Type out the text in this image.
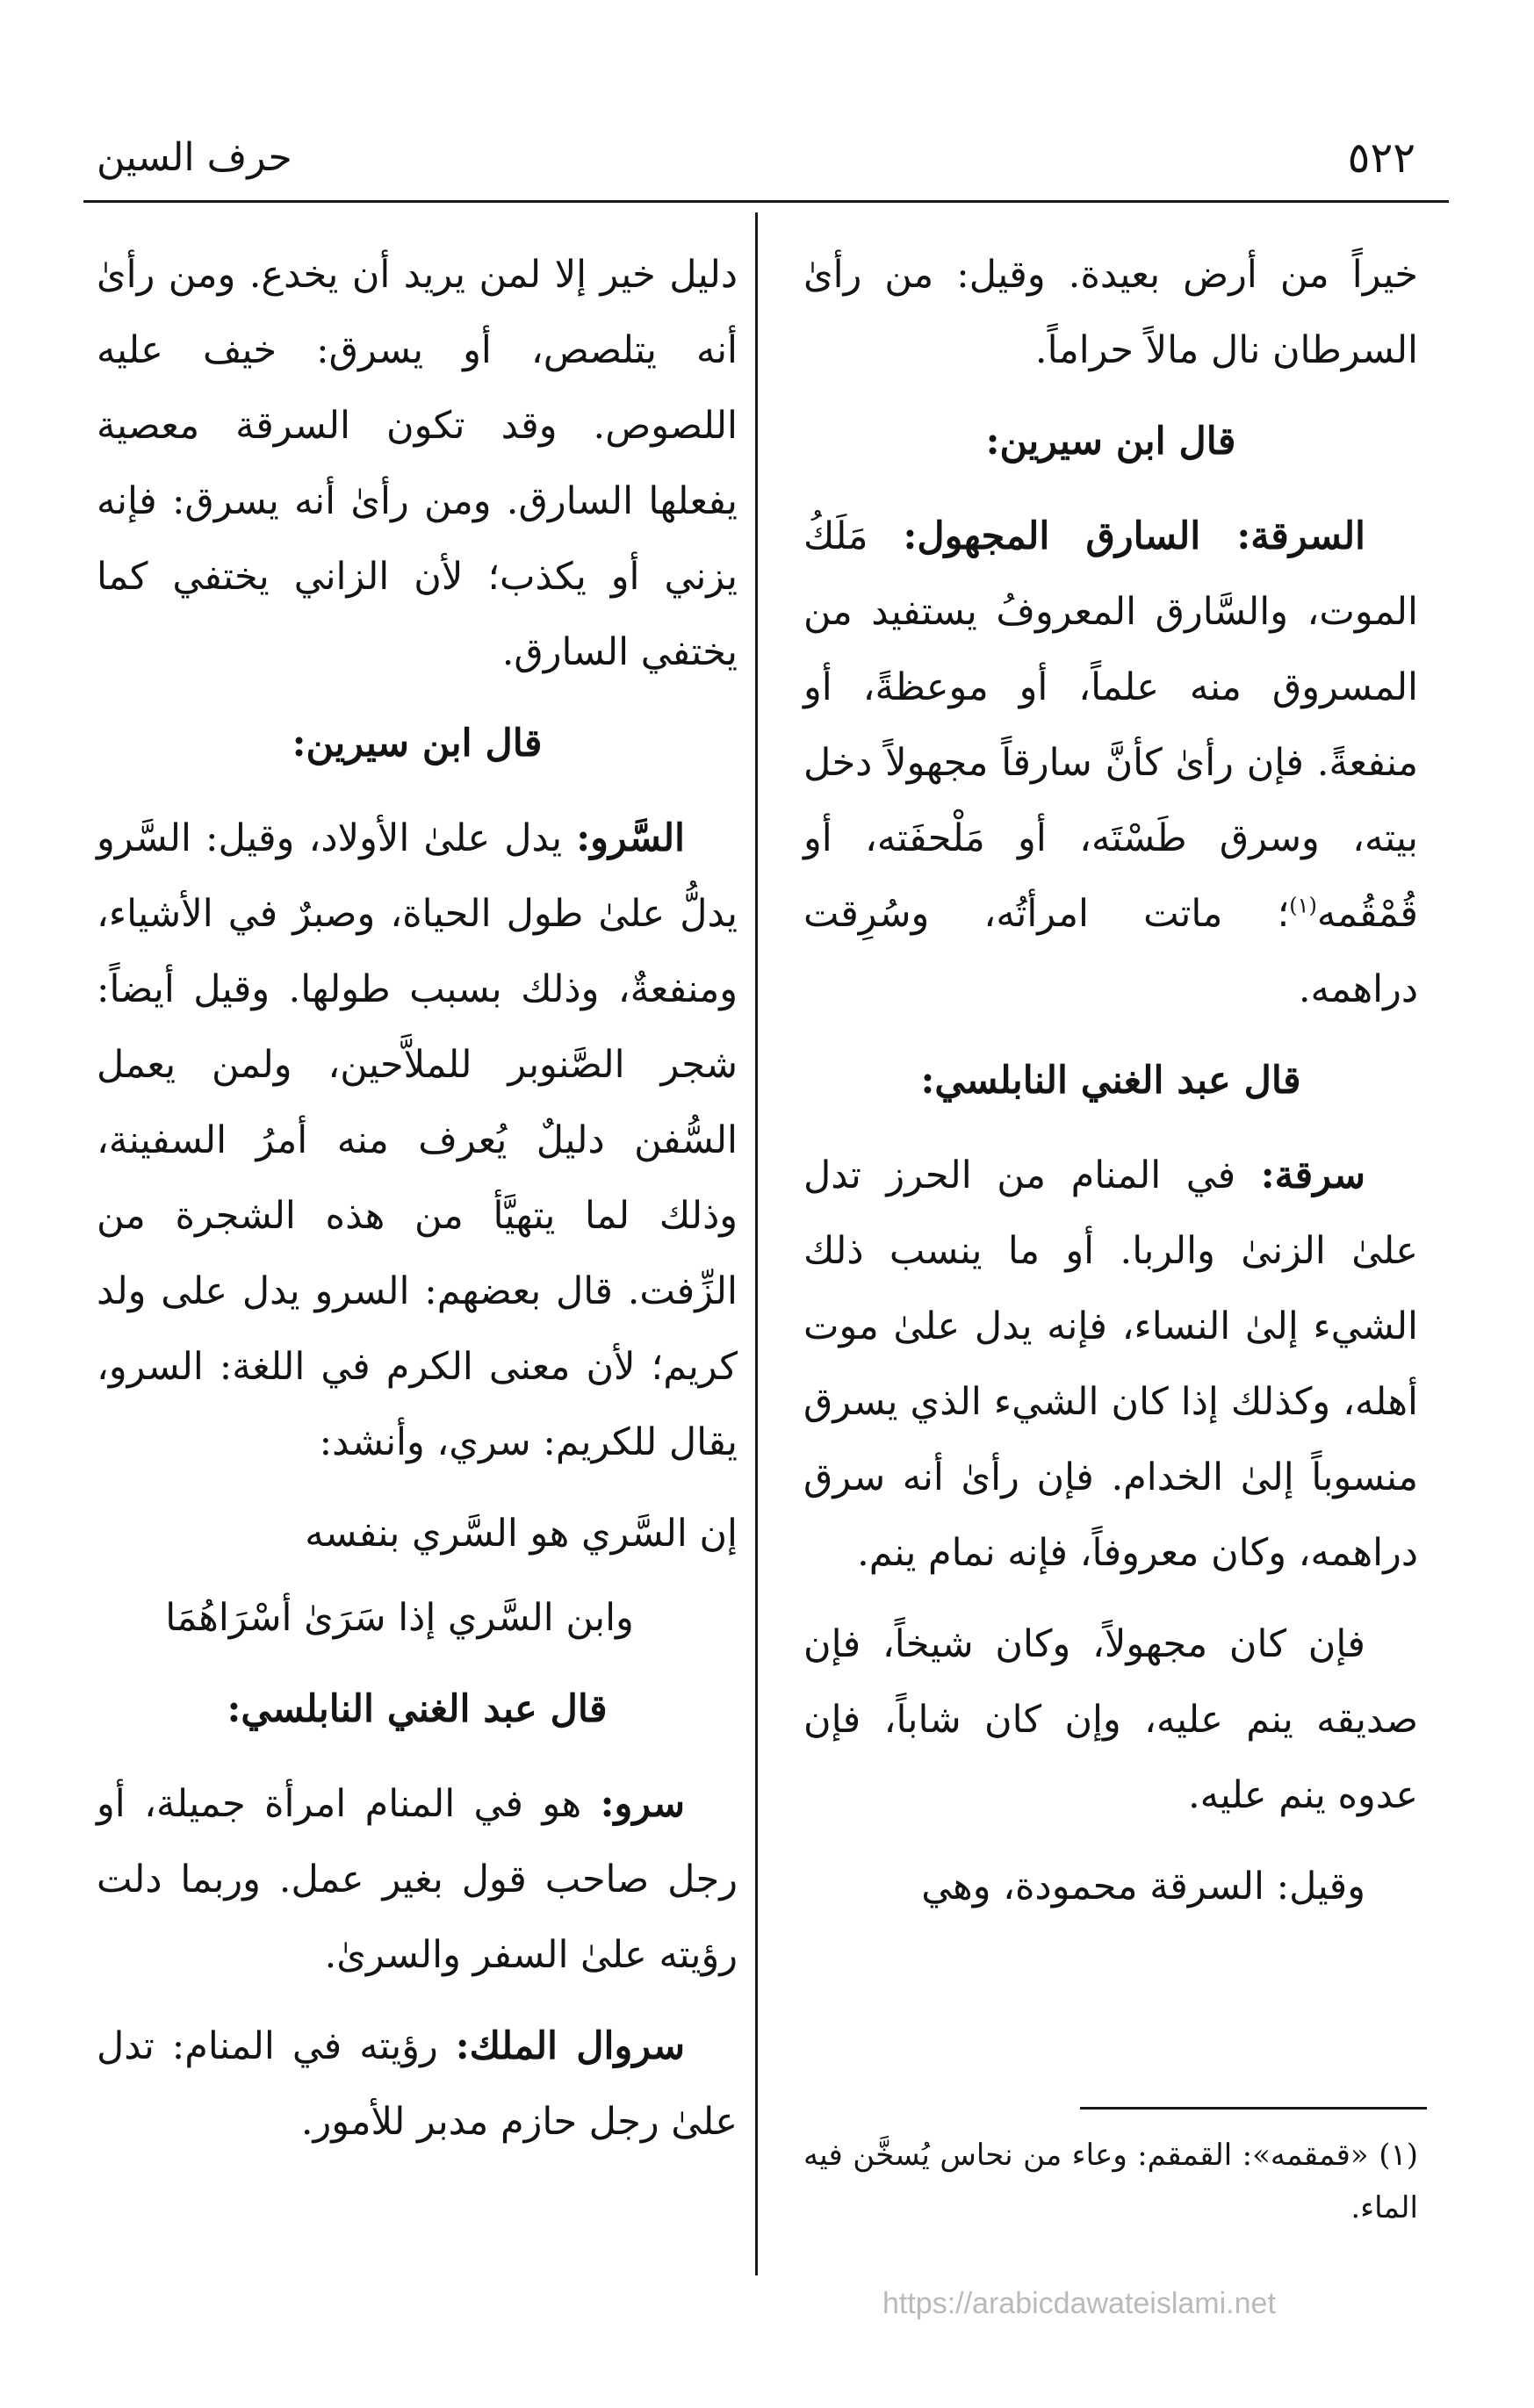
٥٢٢
حرف السين

خيراً من أرض بعيدة. وقيل: من رأىٰ السرطان نال مالاً حراماً.

قال ابن سيرين:

السرقة: السارق المجهول: مَلَكُ الموت، والسَّارق المعروفُ يستفيد من المسروق منه علماً، أو موعظةً، أو منفعةً. فإن رأىٰ كأنَّ سارقاً مجهولاً دخل بيته، وسرق طَسْتَه، أو مَلْحفَته، أو قُمْقُمه$^{(١)}$؛ ماتت امرأتُه، وسُرِقت دراهمه.

قال عبد الغني النابلسي:

سرقة: في المنام من الحرز تدل علىٰ الزنىٰ والربا. أو ما ينسب ذلك الشيء إلىٰ النساء، فإنه يدل علىٰ موت أهله، وكذلك إذا كان الشيء الذي يسرق منسوباً إلىٰ الخدام. فإن رأىٰ أنه سرق دراهمه، وكان معروفاً، فإنه نمام ينم.

فإن كان مجهولاً، وكان شيخاً، فإن صديقه ينم عليه، وإن كان شاباً، فإن عدوه ينم عليه.

وقيل: السرقة محمودة، وهي

دليل خير إلا لمن يريد أن يخدع. ومن رأىٰ أنه يتلصص، أو يسرق: خيف عليه اللصوص. وقد تكون السرقة معصية يفعلها السارق. ومن رأىٰ أنه يسرق: فإنه يزني أو يكذب؛ لأن الزاني يختفي كما يختفي السارق.

قال ابن سيرين:

السَّرو: يدل علىٰ الأولاد، وقيل: السَّرو يدلُّ علىٰ طول الحياة، وصبرٌ في الأشياء، ومنفعةٌ، وذلك بسبب طولها. وقيل أيضاً: شجر الصَّنوبر للملاَّحين، ولمن يعمل السُّفن دليلٌ يُعرف منه أمرُ السفينة، وذلك لما يتهيَّأ من هذه الشجرة من الزِّفت. قال بعضهم: السرو يدل على ولد كريم؛ لأن معنى الكرم في اللغة: السرو، يقال للكريم: سري، وأنشد:

إن السَّري هو السَّري بنفسه

وابن السَّري إذا سَرَىٰ أسْرَاهُمَا

قال عبد الغني النابلسي:

سرو: هو في المنام امرأة جميلة، أو رجل صاحب قول بغير عمل. وربما دلت رؤيته علىٰ السفر والسرىٰ.

سروال الملك: رؤيته في المنام: تدل علىٰ رجل حازم مدبر للأمور.

(١) «قمقمه»: القمقم: وعاء من نحاس يُسخَّن فيه الماء.

https://arabicdawateislami.net
